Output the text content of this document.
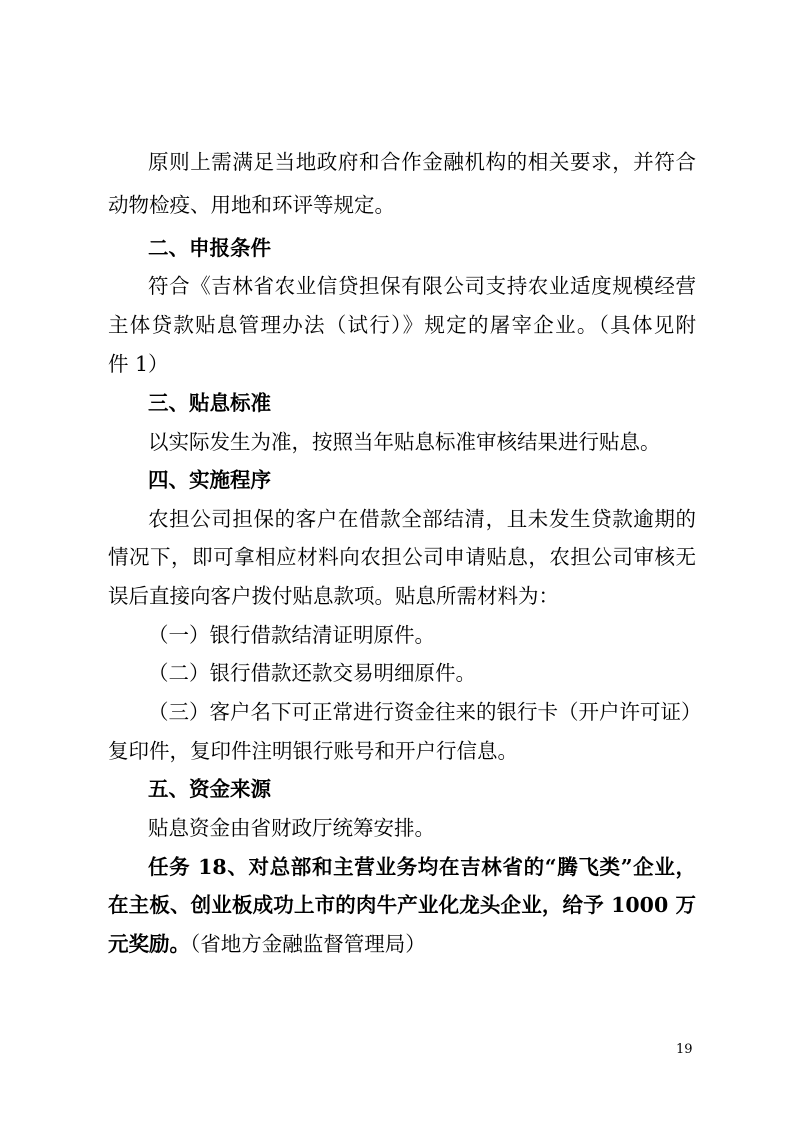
原则上需满足当地政府和合作金融机构的相关要求，并符合
动物检疫、用地和环评等规定。
二、申报条件
符合《吉林省农业信贷担保有限公司支持农业适度规模经营
主体贷款贴息管理办法（试行）》规定的屠宰企业。（具体见附
件 1）
三、贴息标准
以实际发生为准，按照当年贴息标准审核结果进行贴息。
四、实施程序
农担公司担保的客户在借款全部结清，且未发生贷款逾期的
情况下，即可拿相应材料向农担公司申请贴息，农担公司审核无
误后直接向客户拨付贴息款项。贴息所需材料为：
（一）银行借款结清证明原件。
（二）银行借款还款交易明细原件。
（三）客户名下可正常进行资金往来的银行卡（开户许可证）
复印件，复印件注明银行账号和开户行信息。
五、资金来源
贴息资金由省财政厅统筹安排。
任务 18、对总部和主营业务均在吉林省的“腾飞类”企业，
在主板、创业板成功上市的肉牛产业化龙头企业，给予 1000 万
元奖励。（省地方金融监督管理局）
19
